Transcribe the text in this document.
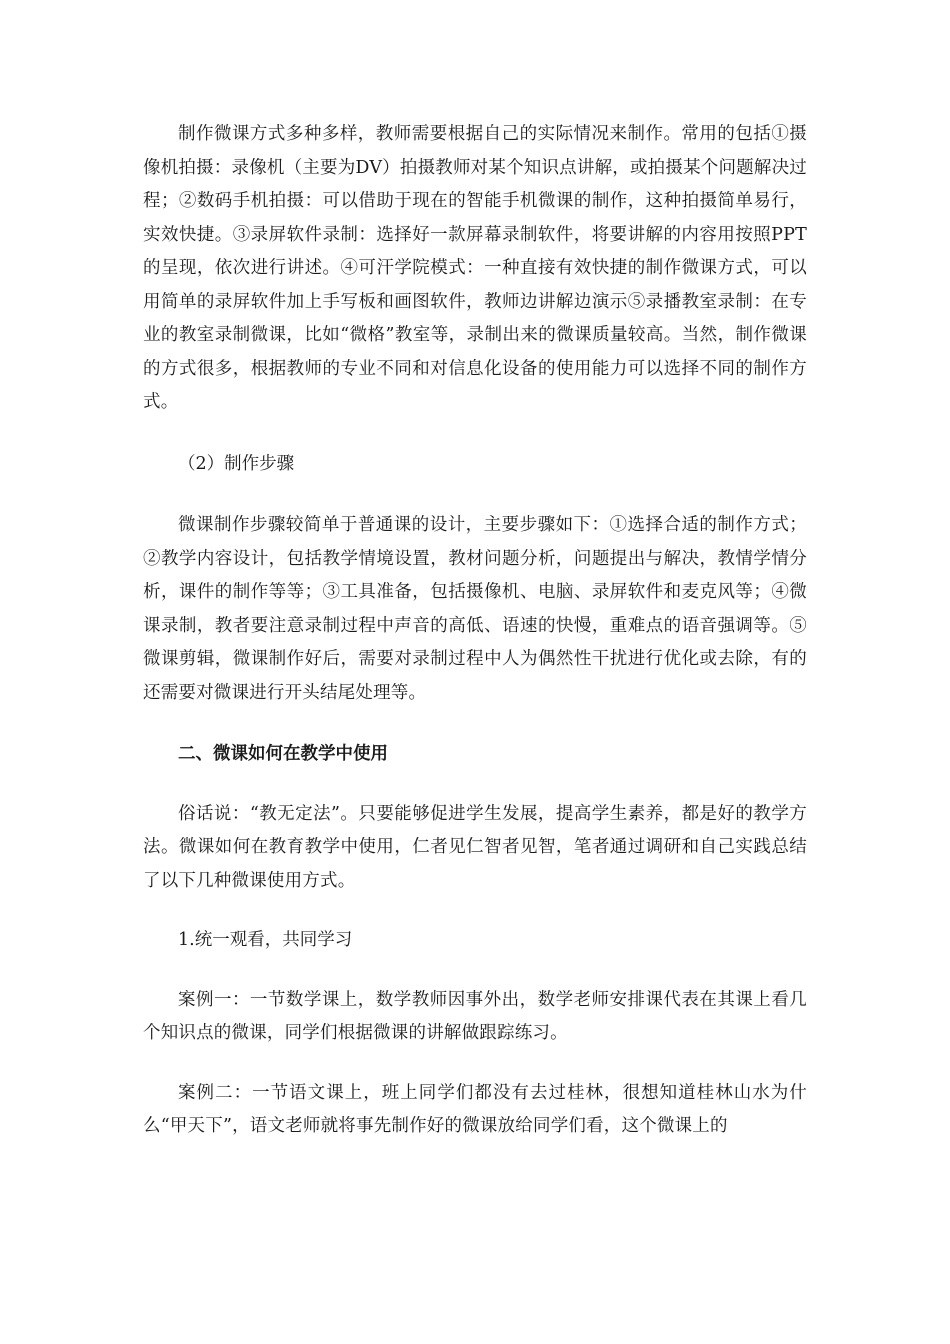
制作微课方式多种多样，教师需要根据自己的实际情况来制作。常用的包括①摄像机拍摄：录像机（主要为DV）拍摄教师对某个知识点讲解，或拍摄某个问题解决过程；②数码手机拍摄：可以借助于现在的智能手机微课的制作，这种拍摄简单易行，实效快捷。③录屏软件录制：选择好一款屏幕录制软件，将要讲解的内容用按照PPT的呈现，依次进行讲述。④可汗学院模式：一种直接有效快捷的制作微课方式，可以用简单的录屏软件加上手写板和画图软件，教师边讲解边演示⑤录播教室录制：在专业的教室录制微课，比如“微格”教室等，录制出来的微课质量较高。当然，制作微课的方式很多，根据教师的专业不同和对信息化设备的使用能力可以选择不同的制作方式。

（2）制作步骤

微课制作步骤较简单于普通课的设计，主要步骤如下：①选择合适的制作方式；②教学内容设计，包括教学情境设置，教材问题分析，问题提出与解决，教情学情分析，课件的制作等等；③工具准备，包括摄像机、电脑、录屏软件和麦克风等；④微课录制，教者要注意录制过程中声音的高低、语速的快慢，重难点的语音强调等。⑤微课剪辑，微课制作好后，需要对录制过程中人为偶然性干扰进行优化或去除，有的还需要对微课进行开头结尾处理等。

二、微课如何在教学中使用

俗话说：“教无定法”。只要能够促进学生发展，提高学生素养，都是好的教学方法。微课如何在教育教学中使用，仁者见仁智者见智，笔者通过调研和自己实践总结了以下几种微课使用方式。

1.统一观看，共同学习

案例一：一节数学课上，数学教师因事外出，数学老师安排课代表在其课上看几个知识点的微课，同学们根据微课的讲解做跟踪练习。

案例二：一节语文课上，班上同学们都没有去过桂林，很想知道桂林山水为什么“甲天下”，语文老师就将事先制作好的微课放给同学们看，这个微课上的
